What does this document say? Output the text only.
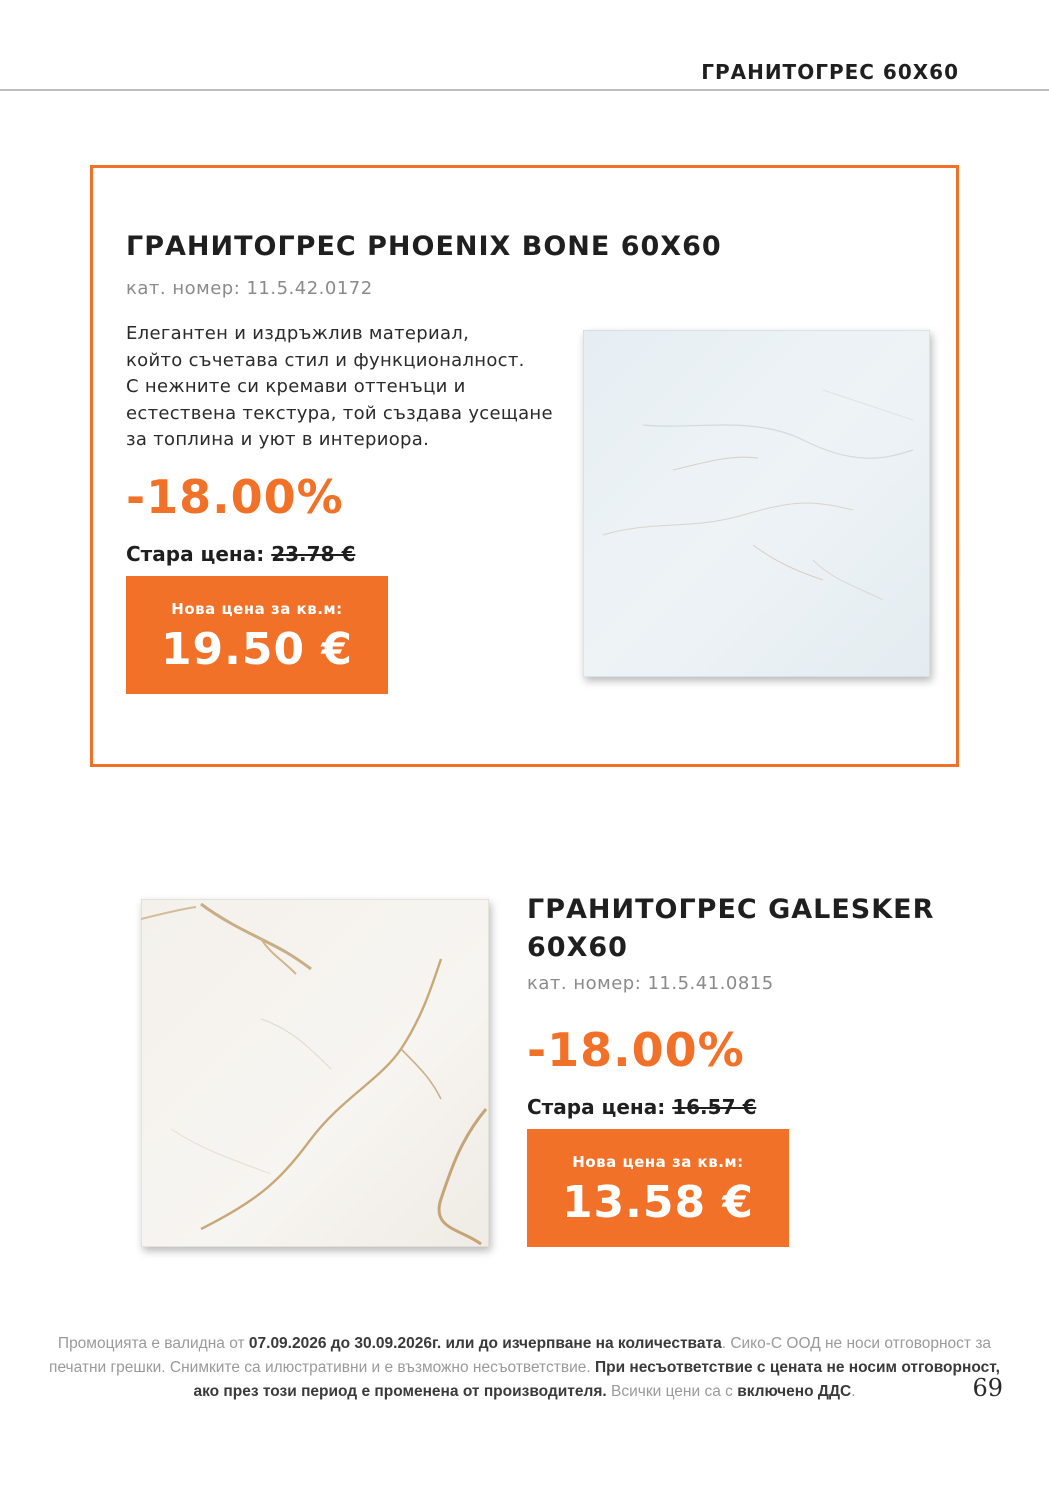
ГРАНИТОГРЕС 60Х60
ГРАНИТОГРЕС PHOENIX BONE 60X60
кат. номер: 11.5.42.0172
Елегантен и издръжлив материал,
който съчетава стил и функционалност.
С нежните си кремави оттенъци и
естествена текстура, той създава усещане
за топлина и уют в интериора.
-18.00%
Стара цена: 23.78 €
Нова цена за кв.м:
19.50 €
ГРАНИТОГРЕС GALESKER
60Х60
кат. номер: 11.5.41.0815
-18.00%
Стара цена: 16.57 €
Нова цена за кв.м:
13.58 €
Промоцията е валидна от 07.09.2026 до 30.09.2026г. или до изчерпване на количествата. Сико-С ООД не носи отговорност за печатни грешки. Снимките са илюстративни и е възможно несъответствие. При несъответствие с цената не носим отговорност, ако през този период е променена от производителя. Всички цени са с включено ДДС.	69
